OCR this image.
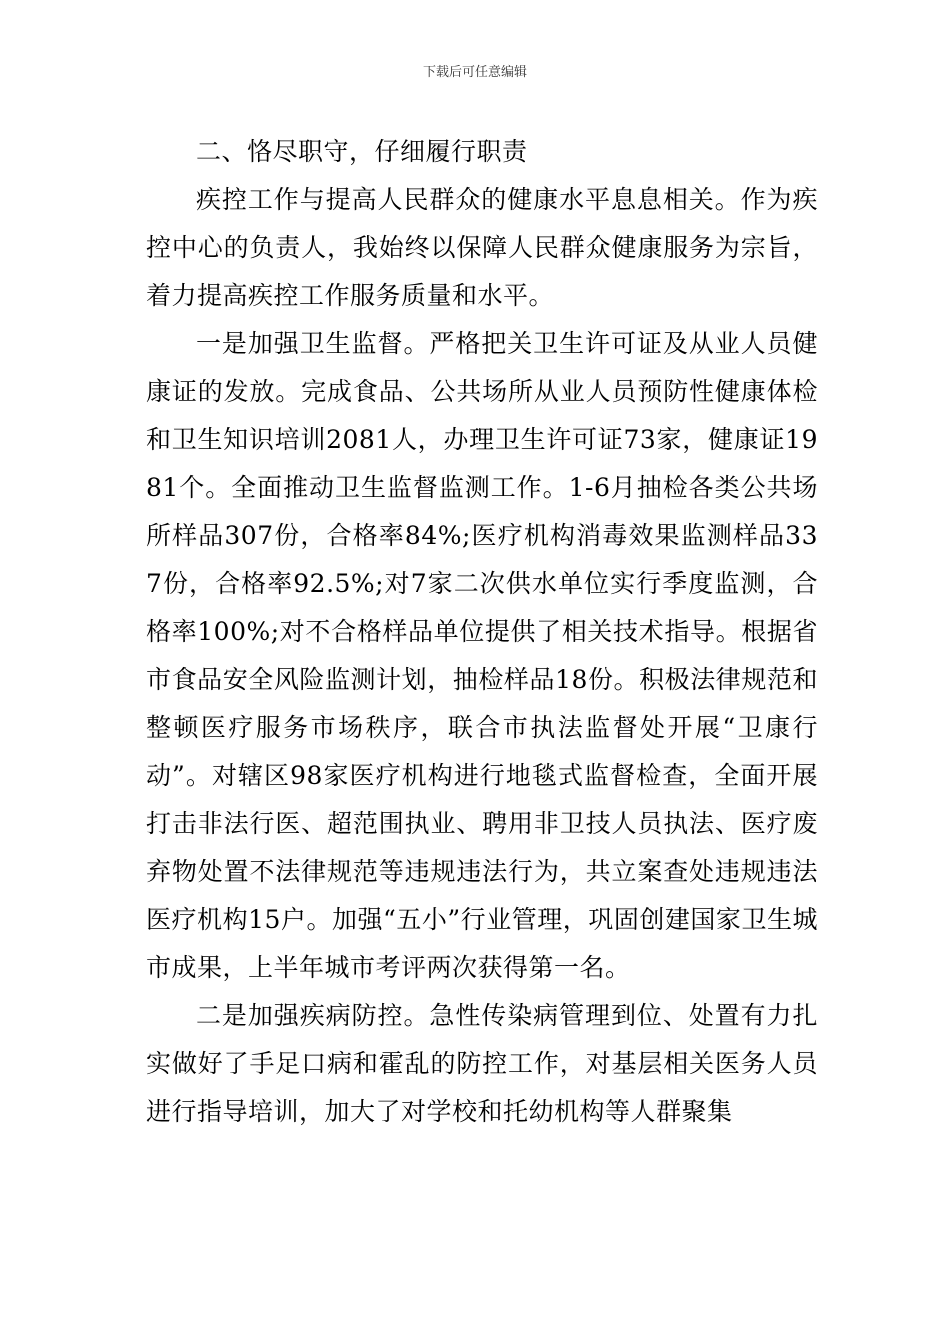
下载后可任意编辑

二、恪尽职守，仔细履行职责

疾控工作与提高人民群众的健康水平息息相关。作为疾控中心的负责人，我始终以保障人民群众健康服务为宗旨，着力提高疾控工作服务质量和水平。

一是加强卫生监督。严格把关卫生许可证及从业人员健康证的发放。完成食品、公共场所从业人员预防性健康体检和卫生知识培训2081人，办理卫生许可证73家，健康证1981个。全面推动卫生监督监测工作。1-6月抽检各类公共场所样品307份，合格率84%;医疗机构消毒效果监测样品337份，合格率92.5%;对7家二次供水单位实行季度监测，合格率100%;对不合格样品单位提供了相关技术指导。根据省市食品安全风险监测计划，抽检样品18份。积极法律规范和整顿医疗服务市场秩序，联合市执法监督处开展“卫康行动”。对辖区98家医疗机构进行地毯式监督检查，全面开展打击非法行医、超范围执业、聘用非卫技人员执法、医疗废弃物处置不法律规范等违规违法行为，共立案查处违规违法医疗机构15户。加强“五小”行业管理，巩固创建国家卫生城市成果，上半年城市考评两次获得第一名。

二是加强疾病防控。急性传染病管理到位、处置有力扎实做好了手足口病和霍乱的防控工作，对基层相关医务人员进行指导培训，加大了对学校和托幼机构等人群聚集
